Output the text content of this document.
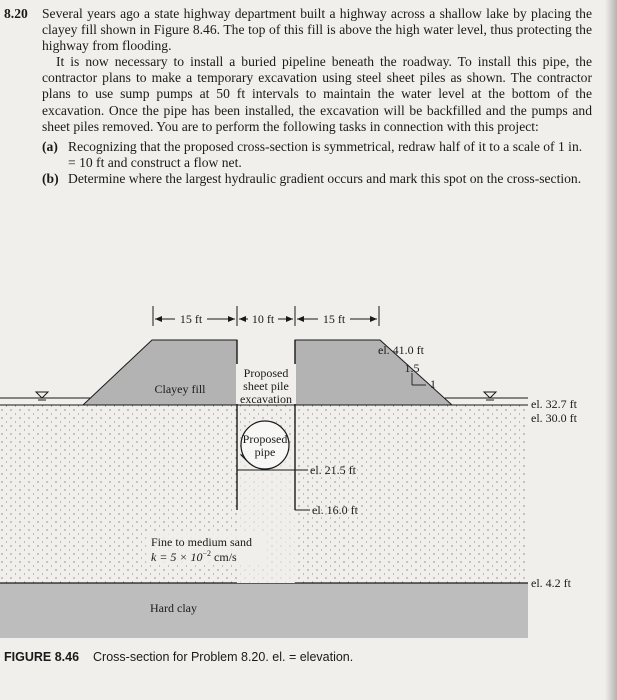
8.20 Several years ago a state highway department built a highway across a shallow lake by placing the clayey fill shown in Figure 8.46. The top of this fill is above the high water level, thus protecting the highway from flooding.

It is now necessary to install a buried pipeline beneath the roadway. To install this pipe, the contractor plans to make a temporary excavation using steel sheet piles as shown. The contractor plans to use sump pumps at 50 ft intervals to maintain the water level at the bottom of the excavation. Once the pipe has been installed, the excavation will be backfilled and the pumps and sheet piles removed. You are to perform the following tasks in connection with this project:

(a) Recognizing that the proposed cross-section is symmetrical, redraw half of it to a scale of 1 in. = 10 ft and construct a flow net.
(b) Determine where the largest hydraulic gradient occurs and mark this spot on the cross-section.
Proposed
pipe
15 ft	10 ft	15 ft
Clayey fill
Proposed
sheet pile
excavation
1.5
1
el. 41.0 ft
el. 32.7 ft
el. 30.0 ft
el. 21.5 ft
el. 16.0 ft
el. 4.2 ft
Fine to medium sand
$k = 5 \times 10^{-2}$ cm/s
Hard clay
FIGURE 8.46 Cross-section for Problem 8.20. el. = elevation.
